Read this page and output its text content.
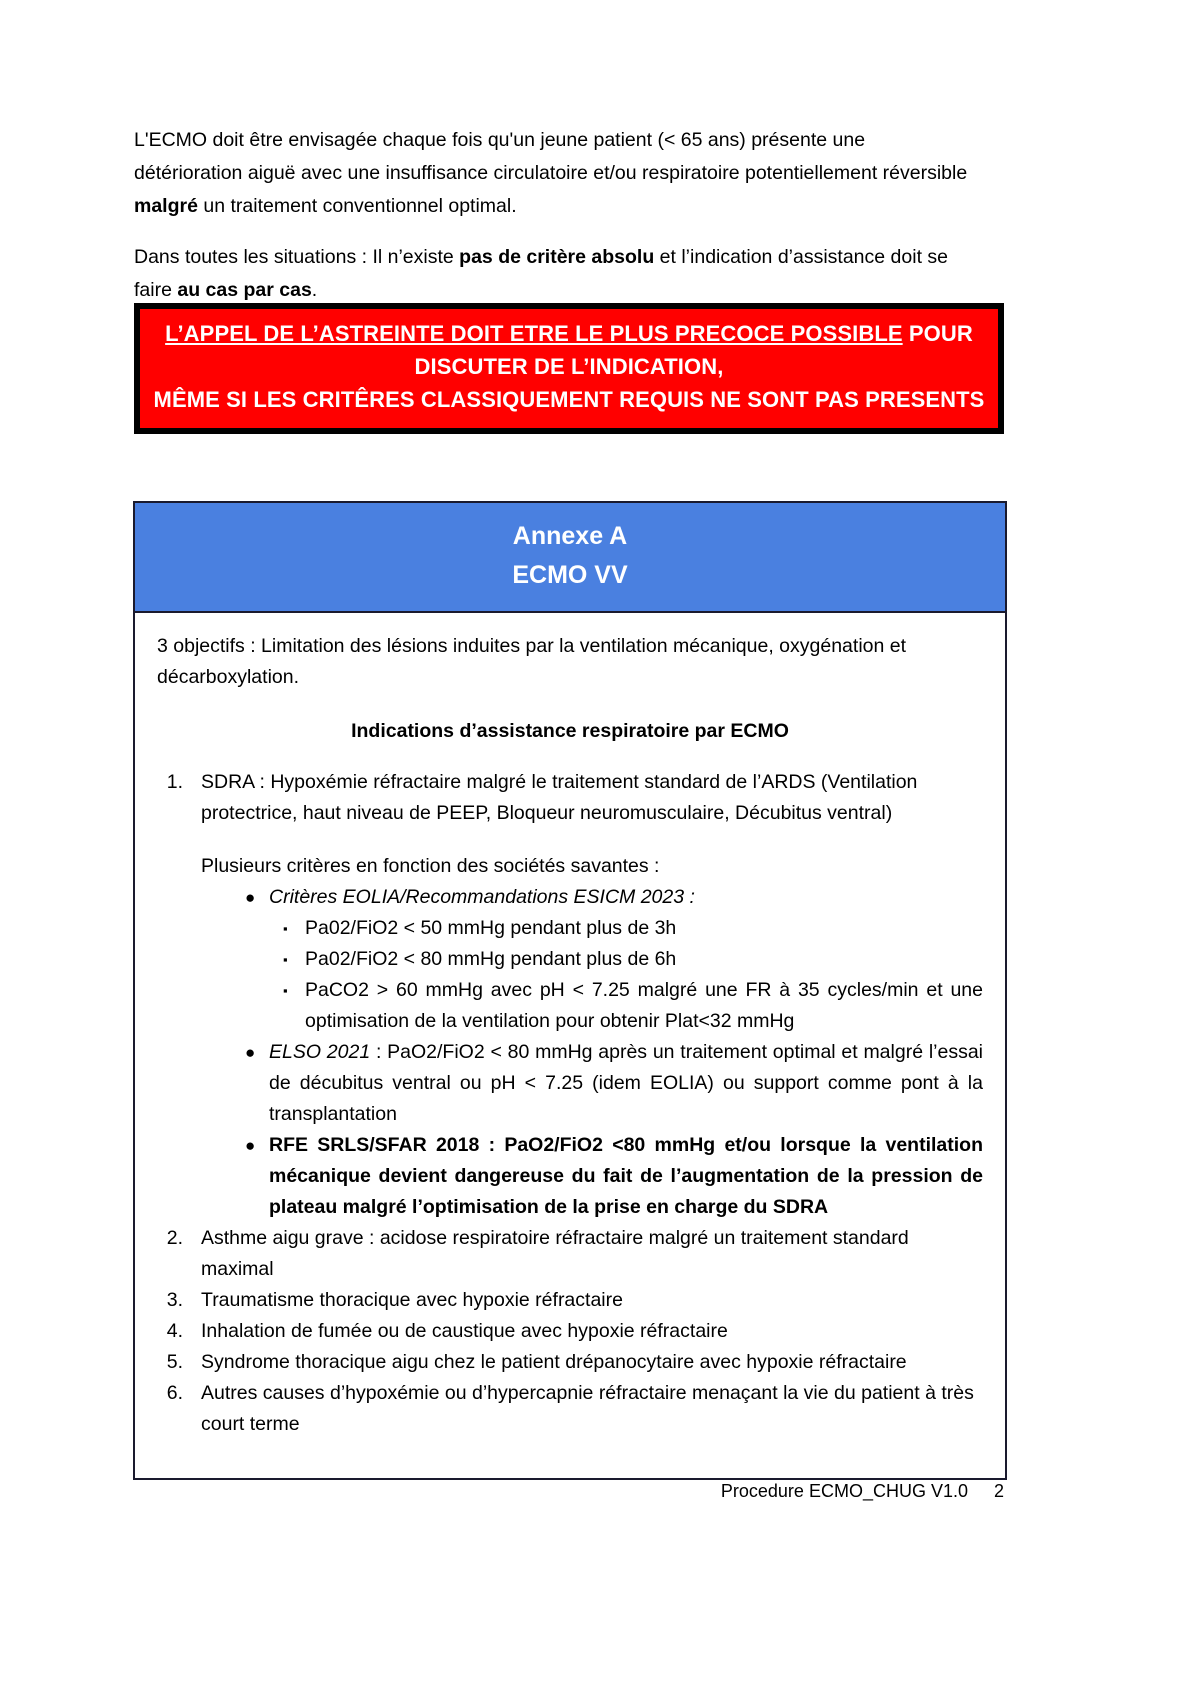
L'ECMO doit être envisagée chaque fois qu'un jeune patient (< 65 ans) présente une détérioration aiguë avec une insuffisance circulatoire et/ou respiratoire potentiellement réversible malgré un traitement conventionnel optimal.

Dans toutes les situations : Il n’existe pas de critère absolu et l’indication d’assistance doit se faire au cas par cas.

L’APPEL DE L’ASTREINTE DOIT ETRE LE PLUS PRECOCE POSSIBLE POUR
DISCUTER DE L’INDICATION,
MÊME SI LES CRITÊRES CLASSIQUEMENT REQUIS NE SONT PAS PRESENTS
Annexe A
ECMO VV

3 objectifs : Limitation des lésions induites par la ventilation mécanique, oxygénation et décarboxylation.

Indications d’assistance respiratoire par ECMO

1. SDRA : Hypoxémie réfractaire malgré le traitement standard de l’ARDS (Ventilation protectrice, haut niveau de PEEP, Bloqueur neuromusculaire, Décubitus ventral)

Plusieurs critères en fonction des sociétés savantes :

● Critères EOLIA/Recommandations ESICM 2023 :
▪ Pa02/FiO2 < 50 mmHg pendant plus de 3h
▪ Pa02/FiO2 < 80 mmHg pendant plus de 6h
▪ PaCO2 > 60 mmHg avec pH < 7.25 malgré une FR à 35 cycles/min et une optimisation de la ventilation pour obtenir Plat<32 mmHg
● ELSO 2021 : PaO2/FiO2 < 80 mmHg après un traitement optimal et malgré l’essai de décubitus ventral ou pH < 7.25 (idem EOLIA) ou support comme pont à la transplantation
● RFE SRLS/SFAR 2018 : PaO2/FiO2 <80 mmHg et/ou lorsque la ventilation mécanique devient dangereuse du fait de l’augmentation de la pression de plateau malgré l’optimisation de la prise en charge du SDRA
2. Asthme aigu grave : acidose respiratoire réfractaire malgré un traitement standard maximal
3. Traumatisme thoracique avec hypoxie réfractaire
4. Inhalation de fumée ou de caustique avec hypoxie réfractaire
5. Syndrome thoracique aigu chez le patient drépanocytaire avec hypoxie réfractaire
6. Autres causes d’hypoxémie ou d’hypercapnie réfractaire menaçant la vie du patient à très court terme
Procedure ECMO_CHUG V1.0 2
